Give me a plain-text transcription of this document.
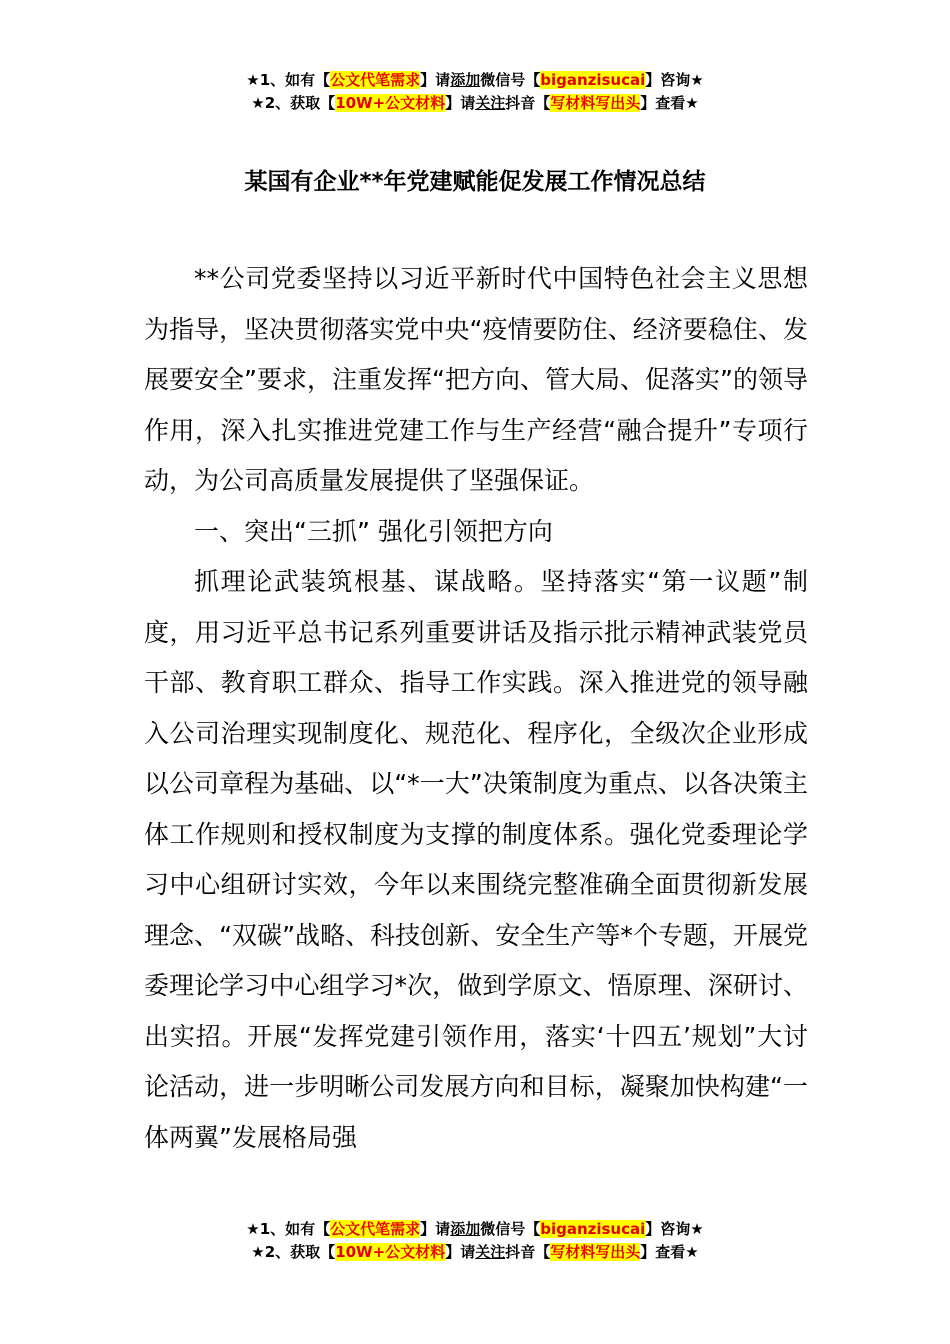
★1、如有【公文代笔需求】请添加微信号【biganzisucai】咨询★
★2、获取【10W+公文材料】请关注抖音【写材料写出头】查看★
某国有企业**年党建赋能促发展工作情况总结

**公司党委坚持以习近平新时代中国特色社会主义思想为指导，坚决贯彻落实党中央“疫情要防住、经济要稳住、发展要安全”要求，注重发挥“把方向、管大局、促落实”的领导作用，深入扎实推进党建工作与生产经营“融合提升”专项行动，为公司高质量发展提供了坚强保证。

一、突出“三抓” 强化引领把方向

抓理论武装筑根基、谋战略。坚持落实“第一议题”制度，用习近平总书记系列重要讲话及指示批示精神武装党员干部、教育职工群众、指导工作实践。深入推进党的领导融入公司治理实现制度化、规范化、程序化，全级次企业形成以公司章程为基础、以“*一大”决策制度为重点、以各决策主体工作规则和授权制度为支撑的制度体系。强化党委理论学习中心组研讨实效，今年以来围绕完整准确全面贯彻新发展理念、“双碳”战略、科技创新、安全生产等*个专题，开展党委理论学习中心组学习*次，做到学原文、悟原理、深研讨、出实招。开展“发挥党建引领作用，落实‘十四五’规划”大讨论活动，进一步明晰公司发展方向和目标，凝聚加快构建“一体两翼”发展格局强

★1、如有【公文代笔需求】请添加微信号【biganzisucai】咨询★
★2、获取【10W+公文材料】请关注抖音【写材料写出头】查看★
